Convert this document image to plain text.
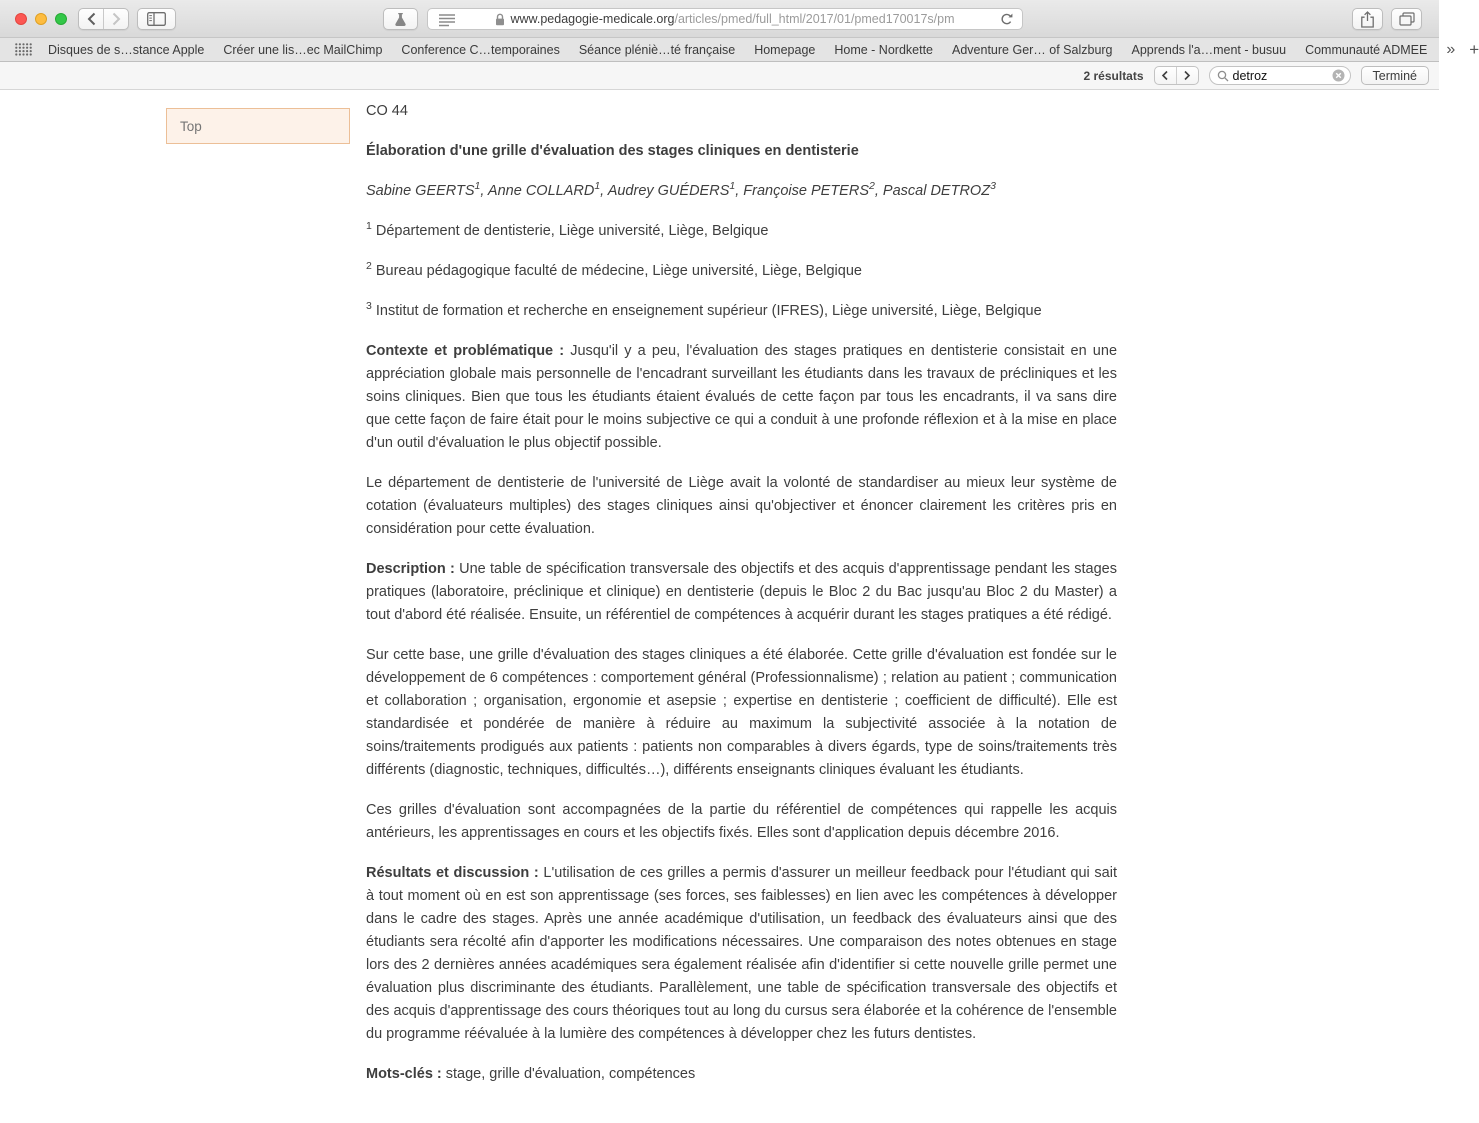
www.pedagogie-medicale.org/articles/pmed/full_html/2017/01/pmed170017s/pm
Disques de s…stance Apple Créer une lis…ec MailChimp Conference C…temporaines Séance pléniè…té française Homepage Home - Nordkette Adventure Ger… of Salzburg Apprends l'a…ment - busuu Communauté ADMEE » +
2 résultats
detroz	Terminé
Top

CO 44

Élaboration d'une grille d'évaluation des stages cliniques en dentisterie

Sabine GEERTS$^1$, Anne COLLARD$^1$, Audrey GUÉDERS$^1$, Françoise PETERS$^2$, Pascal DETROZ$^3$

$^1$ Département de dentisterie, Liège université, Liège, Belgique

$^2$ Bureau pédagogique faculté de médecine, Liège université, Liège, Belgique

$^3$ Institut de formation et recherche en enseignement supérieur (IFRES), Liège université, Liège, Belgique

Contexte et problématique : Jusqu'il y a peu, l'évaluation des stages pratiques en dentisterie consistait en une appréciation globale mais personnelle de l'encadrant surveillant les étudiants dans les travaux de précliniques et les soins cliniques. Bien que tous les étudiants étaient évalués de cette façon par tous les encadrants, il va sans dire que cette façon de faire était pour le moins subjective ce qui a conduit à une profonde réflexion et à la mise en place d'un outil d'évaluation le plus objectif possible.

Le département de dentisterie de l'université de Liège avait la volonté de standardiser au mieux leur système de cotation (évaluateurs multiples) des stages cliniques ainsi qu'objectiver et énoncer clairement les critères pris en considération pour cette évaluation.

Description : Une table de spécification transversale des objectifs et des acquis d'apprentissage pendant les stages pratiques (laboratoire, préclinique et clinique) en dentisterie (depuis le Bloc 2 du Bac jusqu'au Bloc 2 du Master) a tout d'abord été réalisée. Ensuite, un référentiel de compétences à acquérir durant les stages pratiques a été rédigé.

Sur cette base, une grille d'évaluation des stages cliniques a été élaborée. Cette grille d'évaluation est fondée sur le développement de 6 compétences : comportement général (Professionnalisme) ; relation au patient ; communication et collaboration ; organisation, ergonomie et asepsie ; expertise en dentisterie ; coefficient de difficulté). Elle est standardisée et pondérée de manière à réduire au maximum la subjectivité associée à la notation de soins/traitements prodigués aux patients : patients non comparables à divers égards, type de soins/traitements très différents (diagnostic, techniques, difficultés…), différents enseignants cliniques évaluant les étudiants.

Ces grilles d'évaluation sont accompagnées de la partie du référentiel de compétences qui rappelle les acquis antérieurs, les apprentissages en cours et les objectifs fixés. Elles sont d'application depuis décembre 2016.

Résultats et discussion : L'utilisation de ces grilles a permis d'assurer un meilleur feedback pour l'étudiant qui sait à tout moment où en est son apprentissage (ses forces, ses faiblesses) en lien avec les compétences à développer dans le cadre des stages. Après une année académique d'utilisation, un feedback des évaluateurs ainsi que des étudiants sera récolté afin d'apporter les modifications nécessaires. Une comparaison des notes obtenues en stage lors des 2 dernières années académiques sera également réalisée afin d'identifier si cette nouvelle grille permet une évaluation plus discriminante des étudiants. Parallèlement, une table de spécification transversale des objectifs et des acquis d'apprentissage des cours théoriques tout au long du cursus sera élaborée et la cohérence de l'ensemble du programme réévaluée à la lumière des compétences à développer chez les futurs dentistes.

Mots-clés : stage, grille d'évaluation, compétences
